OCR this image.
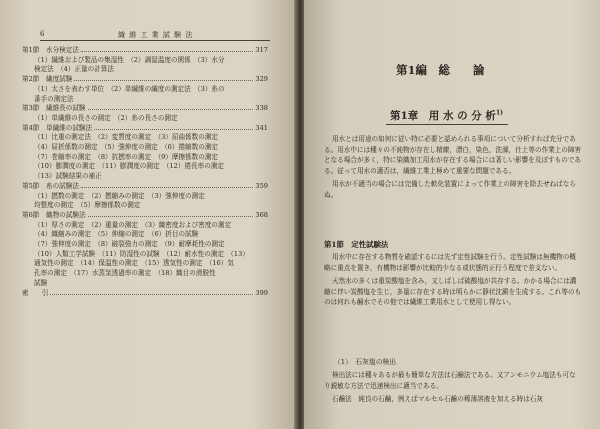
6	織 維 工 業 試 験 法
第1節　水分検定法	317
（1）繊維および製品の集湿性　（2）調湿温度の関係　（3）水分
検定法　（4）正量の計算法
第2節　繊度試験	329
（1）太さを表わす単位　（2）単繊維の繊度の測定法　（3）糸の
番手の測定法
第3節　繊維長の試験	338
（1）単繊維の長さの測定　（2）糸の長さの測定
第4節　単繊維の試験法	341
（1）比重の測定法　（2）変質度の測定　（3）屈曲係数の測定
（4）屈折係数の測定　（5）強伸度の測定　（6）捲縮数の測定
（7）巻縮率の測定　（8）抗撚率の測定　（9）摩擦係数の測定
（10）膨潤度の測定　（11）膨潤度の測定　（12）捲長率の測定
（13）試験結果の補正
第5節　糸の試験法	359
（1）撚数の測定　（2）撚縮みの測定　（3）強伸度の測定
均整度の測定　（5）摩擦係数の測定
第6節　織物の試験法	368
（1）厚さの測定　（2）重量の測定　（3）織密度および密度の測定
（4）織縮みの測定　（5）伸縮の測定　（6）折目の試験
（7）強伸度の測定　（8）破裂強力の測定　（9）耐摩耗性の測定
（10）人類工学試験　（11）防湿性の試験　（12）耐水性の測定　（13）
通気性の測定　（14）保温性の測定　（15）透気性の測定　（16）気
孔率の測定　（17）水蒸気透過率の測定　（18）織目の滑脱性
試験
索　　引	399
第1編　総　　論
第1章　用 水 の 分 析$^{1)}$

用水とは用途の如何に従い特に必要と認められる事項について分析すれば充分である。用水中には種々の不純物が存在し精練，漂白，染色，洗滌，仕上等の作業上の障害となる場合が多く，特に染織加工用水が存在する場合には著しい影響を及ぼすものである。従って用水の適否は，繊維工業上極めて重要な問題である。

用水が不適当の場合には完備した軟化装置によって作業上の障害を除去せねばならぬ。

第1節　定性試験法

用水中に存在する物質を確認するには先ず定性試験を行う。定性試験は無機物の概略に重点を置き，有機物は影響が比較的少なる或状態的正行う程度で差支ない。

天然水の多くは重炭酸塩を含み，又しばしば硫酸塩が共存する。かかる場合には濃縮に伴い炭酸塩を生じ，多量に存在する時は明らかに静状沈澱を生成する。これ等のものは何れも鹼水でその他では繊維工業用水として使用し得ない。

（1）　石灰塩の検出

検出法には種々あるが最も簡単な方法は石鹼法である。又アンモニウム塩法も可なり鋭敏な方法で迅速検出に適当である。

石鹼法　純良の石鹼，例えばマルセル石鹼の稀薄溶液を加える時は石灰
